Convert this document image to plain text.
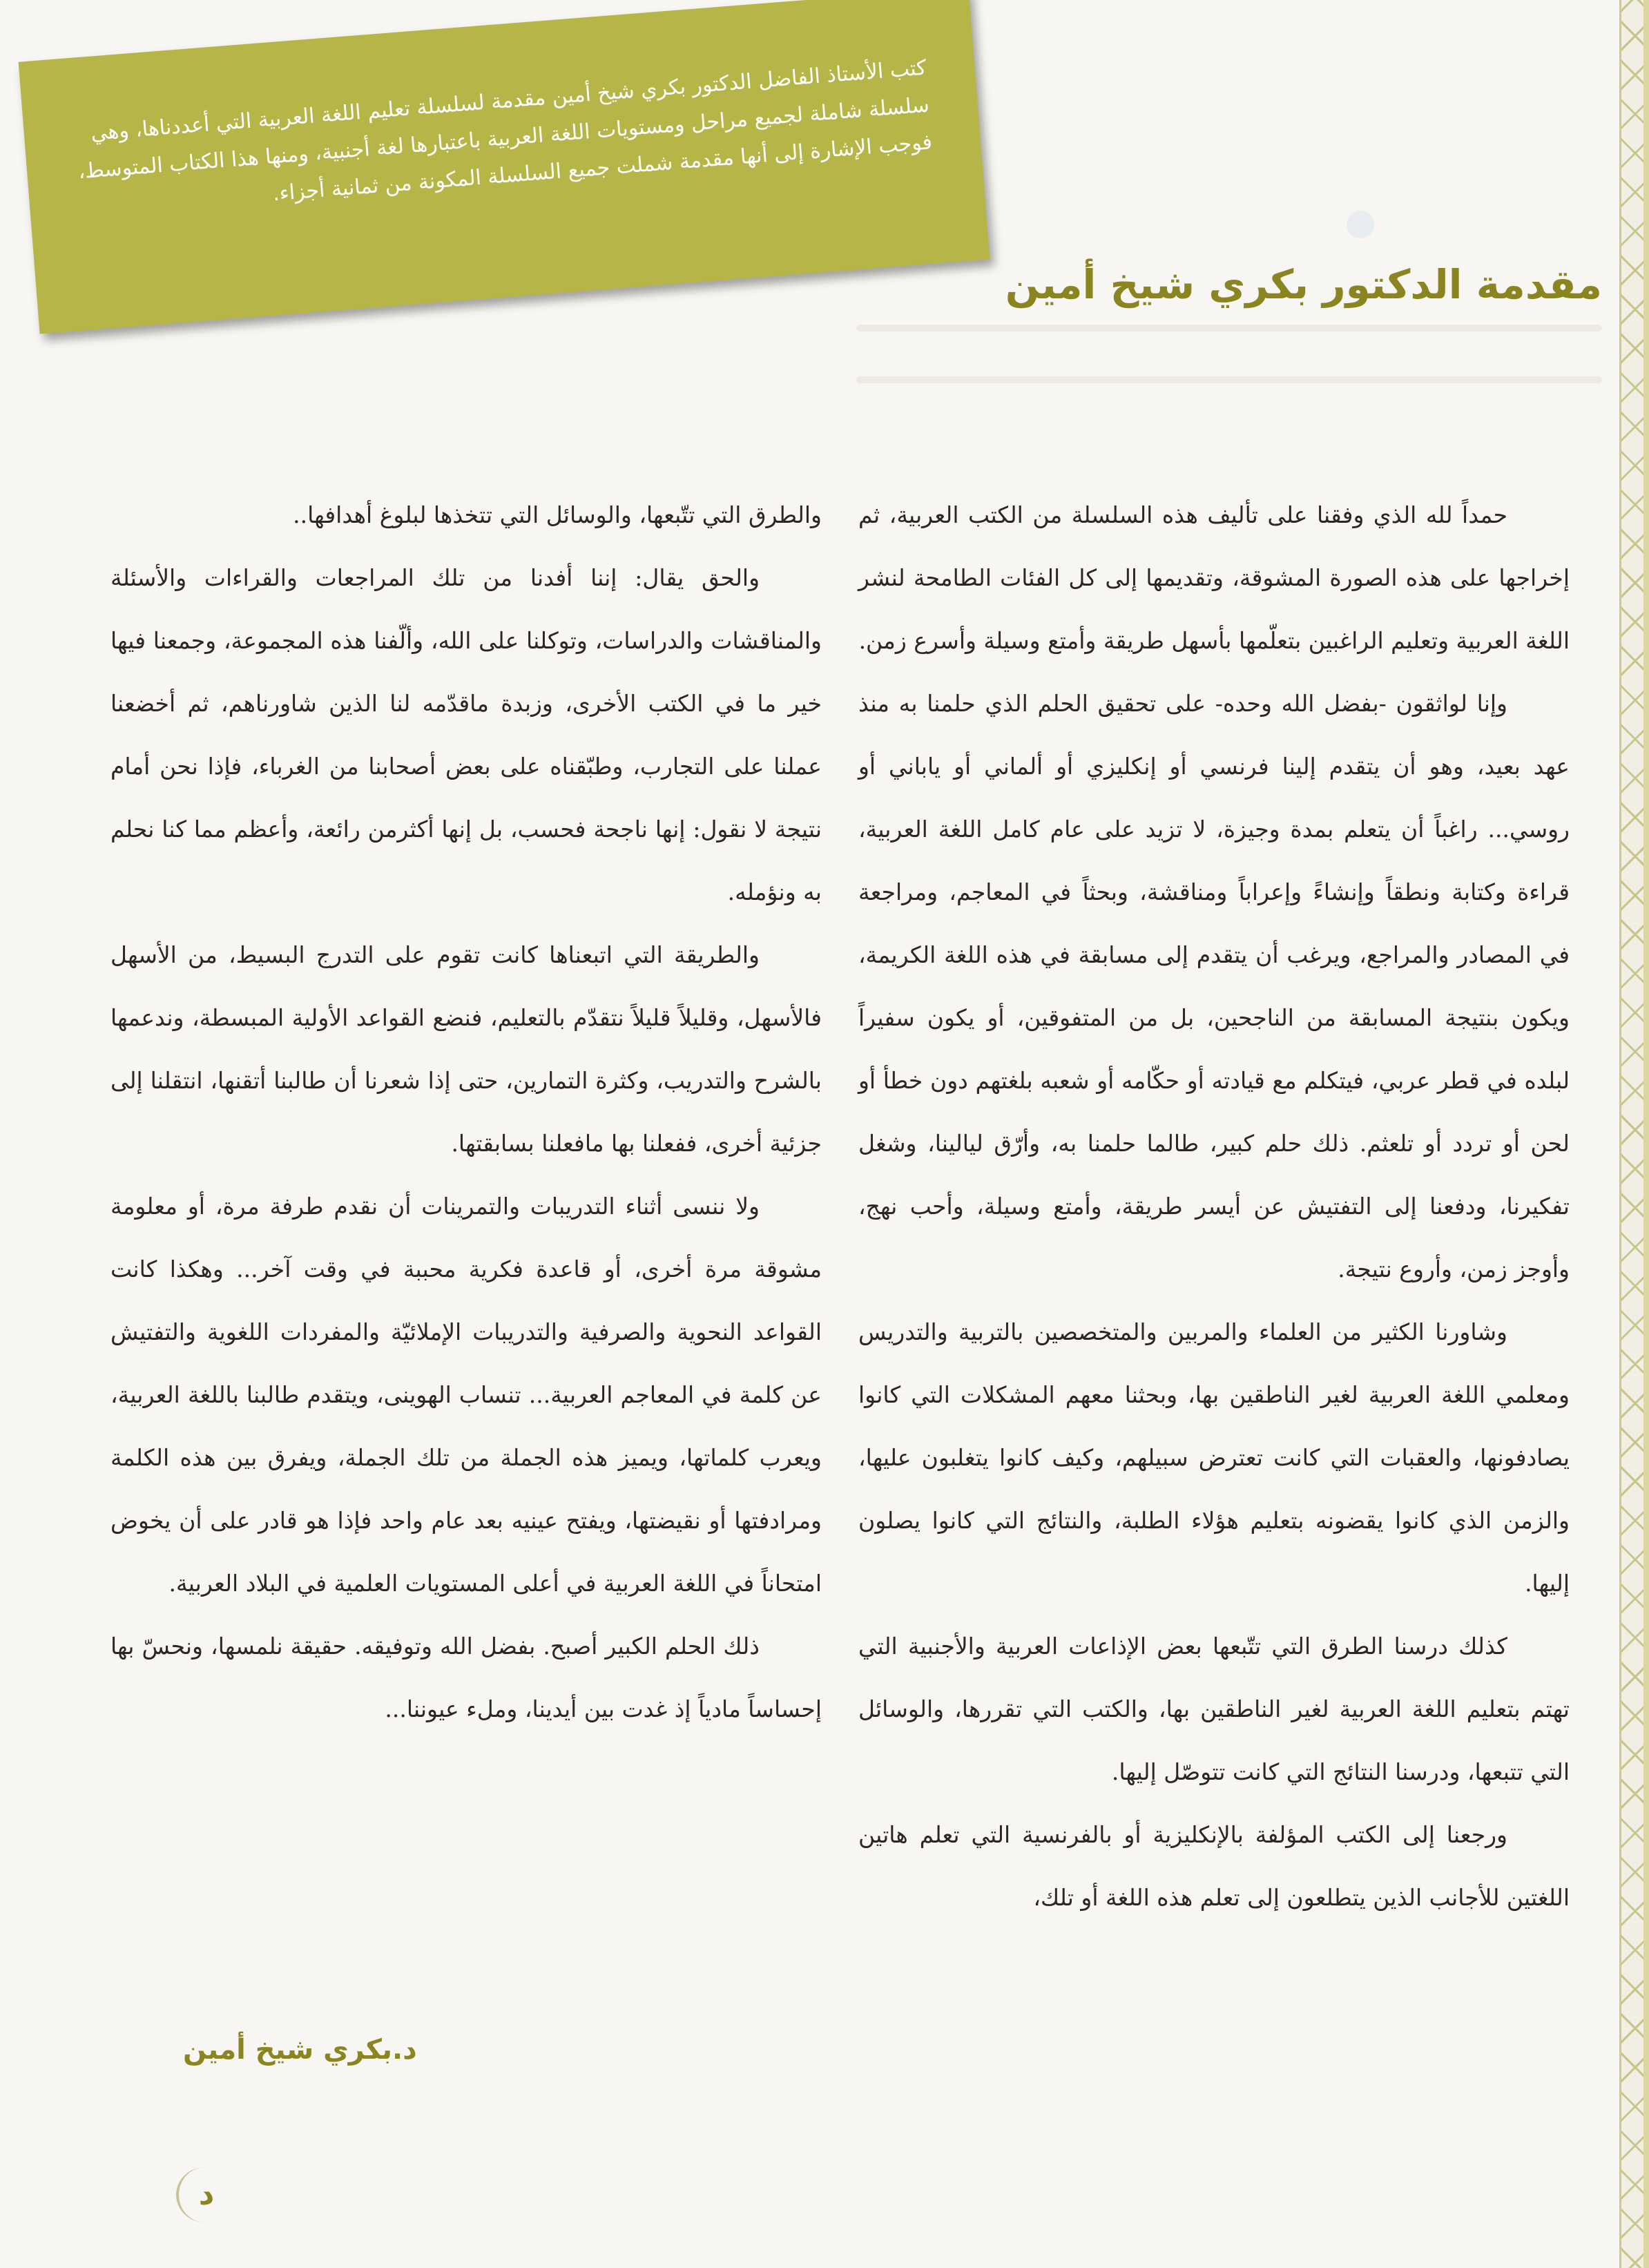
كتب الأستاذ الفاضل الدكتور بكري شيخ أمين مقدمة لسلسلة تعليم اللغة العربية التي أعددناها، وهي سلسلة شاملة لجميع مراحل ومستويات اللغة العربية باعتبارها لغة أجنبية، ومنها هذا الكتاب المتوسط، فوجب الإشارة إلى أنها مقدمة شملت جميع السلسلة المكونة من ثمانية أجزاء.

مقدمة الدكتور بكري شيخ أمين

حمداً لله الذي وفقنا على تأليف هذه السلسلة من الكتب العربية، ثم إخراجها على هذه الصورة المشوقة، وتقديمها إلى كل الفئات الطامحة لنشر اللغة العربية وتعليم الراغبين بتعلّمها بأسهل طريقة وأمتع وسيلة وأسرع زمن.

وإنا لواثقون -بفضل الله وحده- على تحقيق الحلم الذي حلمنا به منذ عهد بعيد، وهو أن يتقدم إلينا فرنسي أو إنكليزي أو ألماني أو ياباني أو روسي... راغباً أن يتعلم بمدة وجيزة، لا تزيد على عام كامل اللغة العربية، قراءة وكتابة ونطقاً وإنشاءً وإعراباً ومناقشة، وبحثاً في المعاجم، ومراجعة في المصادر والمراجع، ويرغب أن يتقدم إلى مسابقة في هذه اللغة الكريمة، ويكون بنتيجة المسابقة من الناجحين، بل من المتفوقين، أو يكون سفيراً لبلده في قطر عربي، فيتكلم مع قيادته أو حكّامه أو شعبه بلغتهم دون خطأ أو لحن أو تردد أو تلعثم. ذلك حلم كبير، طالما حلمنا به، وأرّق ليالينا، وشغل تفكيرنا، ودفعنا إلى التفتيش عن أيسر طريقة، وأمتع وسيلة، وأحب نهج، وأوجز زمن، وأروع نتيجة.

وشاورنا الكثير من العلماء والمربين والمتخصصين بالتربية والتدريس ومعلمي اللغة العربية لغير الناطقين بها، وبحثنا معهم المشكلات التي كانوا يصادفونها، والعقبات التي كانت تعترض سبيلهم، وكيف كانوا يتغلبون عليها، والزمن الذي كانوا يقضونه بتعليم هؤلاء الطلبة، والنتائج التي كانوا يصلون إليها.

كذلك درسنا الطرق التي تتّبعها بعض الإذاعات العربية والأجنبية التي تهتم بتعليم اللغة العربية لغير الناطقين بها، والكتب التي تقررها، والوسائل التي تتبعها، ودرسنا النتائج التي كانت تتوصّل إليها.

ورجعنا إلى الكتب المؤلفة بالإنكليزية أو بالفرنسية التي تعلم هاتين اللغتين للأجانب الذين يتطلعون إلى تعلم هذه اللغة أو تلك،

والطرق التي تتّبعها، والوسائل التي تتخذها لبلوغ أهدافها..

والحق يقال: إننا أفدنا من تلك المراجعات والقراءات والأسئلة والمناقشات والدراسات، وتوكلنا على الله، وألّفنا هذه المجموعة، وجمعنا فيها خير ما في الكتب الأخرى، وزبدة ماقدّمه لنا الذين شاورناهم، ثم أخضعنا عملنا على التجارب، وطبّقناه على بعض أصحابنا من الغرباء، فإذا نحن أمام نتيجة لا نقول: إنها ناجحة فحسب، بل إنها أكثرمن رائعة، وأعظم مما كنا نحلم به ونؤمله.

والطريقة التي اتبعناها كانت تقوم على التدرج البسيط، من الأسهل فالأسهل، وقليلاً قليلاً نتقدّم بالتعليم، فنضع القواعد الأولية المبسطة، وندعمها بالشرح والتدريب، وكثرة التمارين، حتى إذا شعرنا أن طالبنا أتقنها، انتقلنا إلى جزئية أخرى، ففعلنا بها مافعلنا بسابقتها.

ولا ننسى أثناء التدريبات والتمرينات أن نقدم طرفة مرة، أو معلومة مشوقة مرة أخرى، أو قاعدة فكرية محببة في وقت آخر... وهكذا كانت القواعد النحوية والصرفية والتدريبات الإملائيّة والمفردات اللغوية والتفتيش عن كلمة في المعاجم العربية... تنساب الهوينى، ويتقدم طالبنا باللغة العربية، ويعرب كلماتها، ويميز هذه الجملة من تلك الجملة، ويفرق بين هذه الكلمة ومرادفتها أو نقيضتها، ويفتح عينيه بعد عام واحد فإذا هو قادر على أن يخوض امتحاناً في اللغة العربية في أعلى المستويات العلمية في البلاد العربية.

ذلك الحلم الكبير أصبح. بفضل الله وتوفيقه. حقيقة نلمسها، ونحسّ بها إحساساً مادياً إذ غدت بين أيدينا، وملء عيوننا...

د.بكري شيخ أمين
د
